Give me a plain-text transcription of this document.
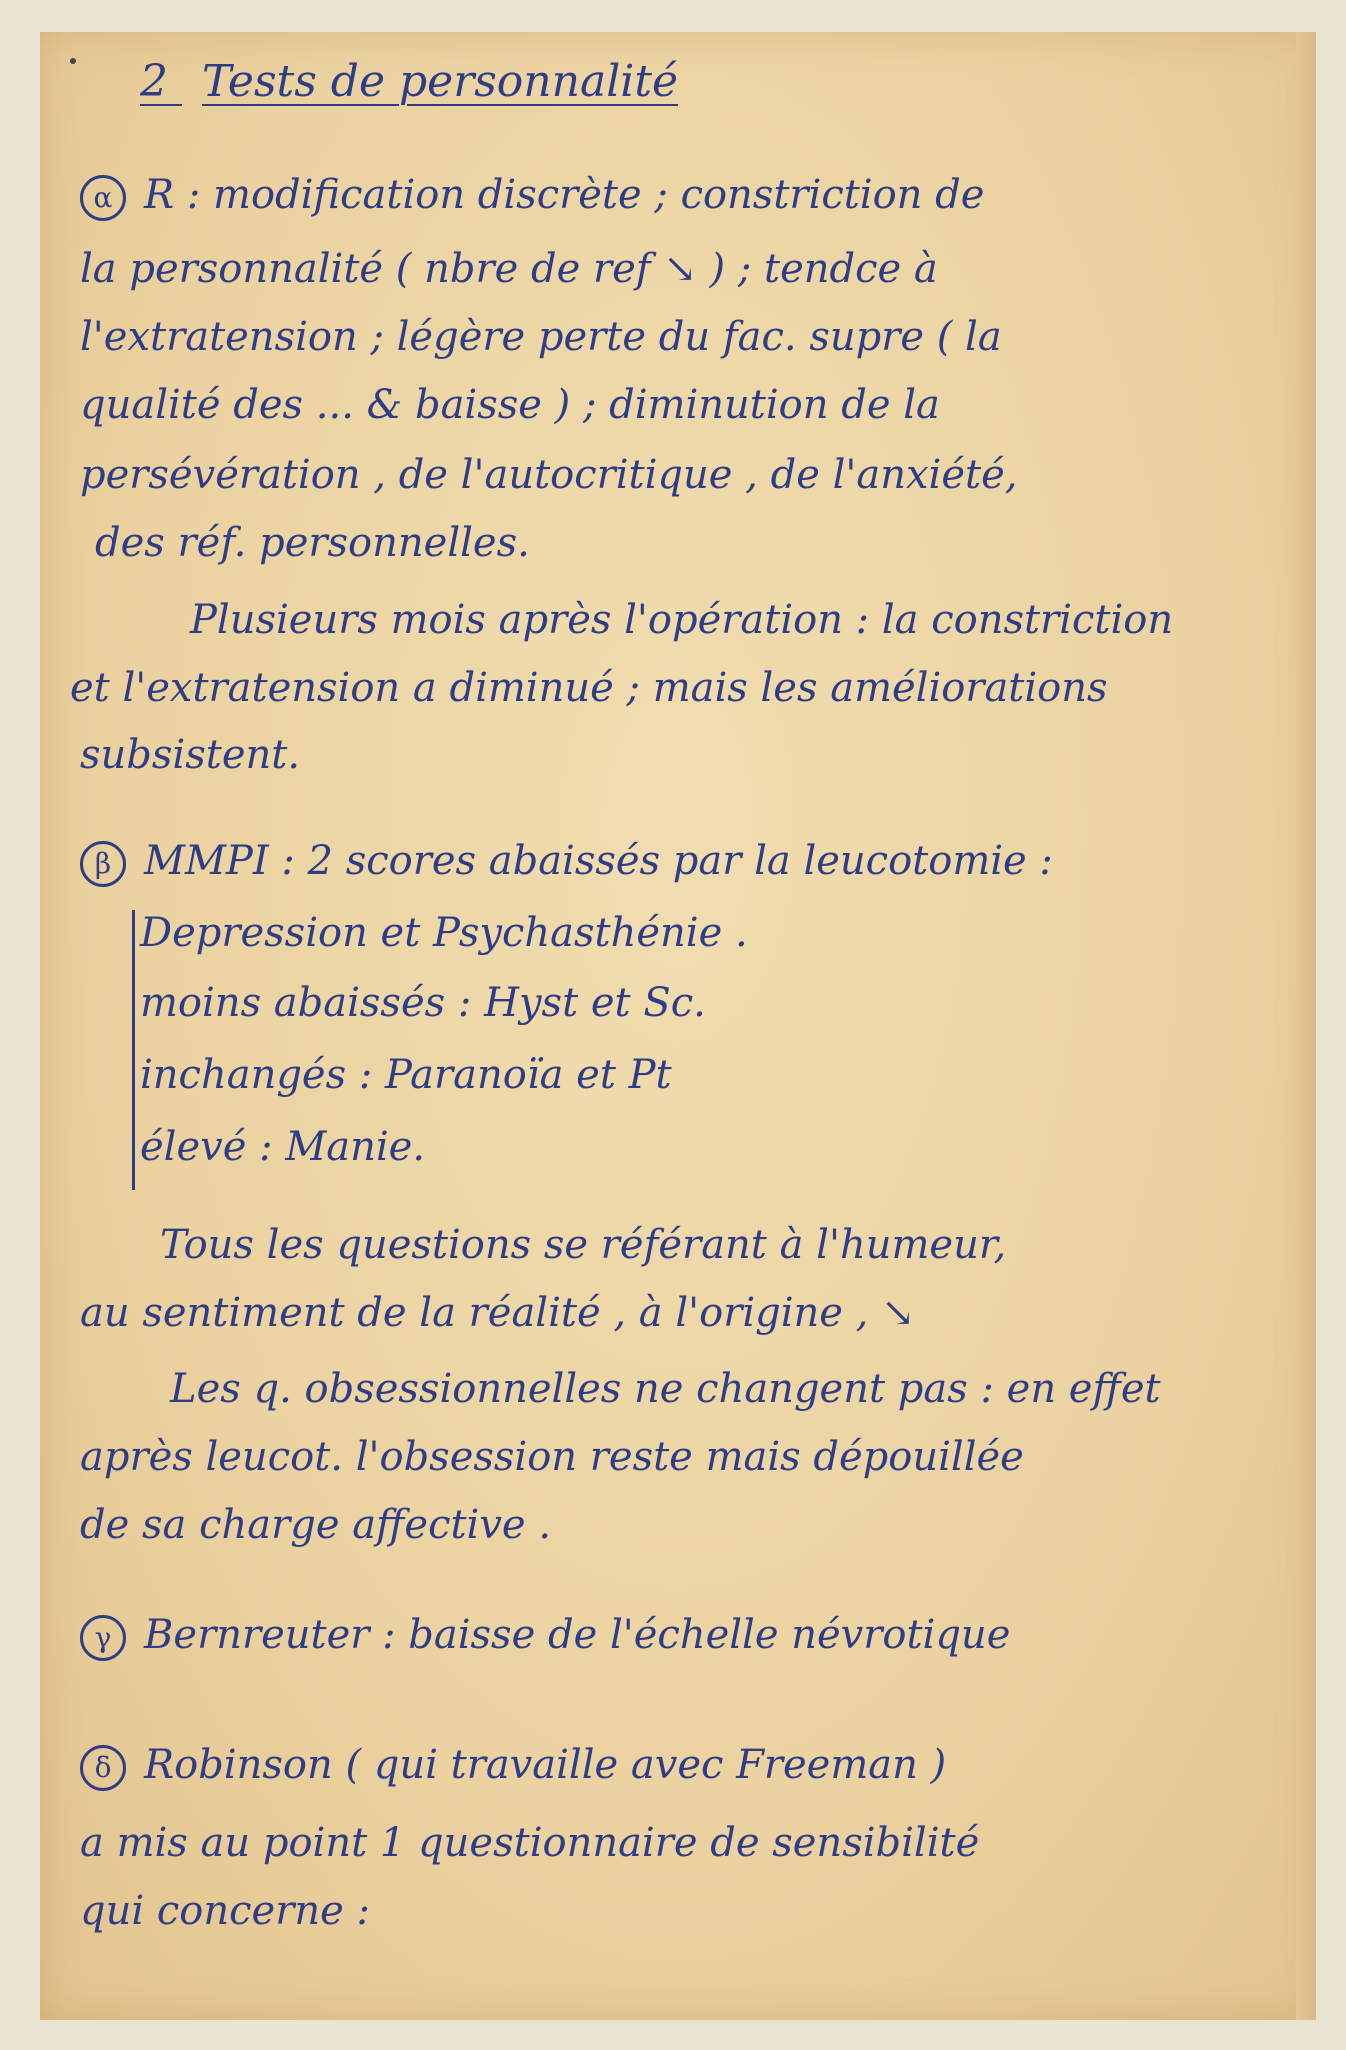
2 Tests de personnalité

α R : modification discrète ; constriction de

la personnalité ( nbre de ref ↘ ) ; tendce à

l'extratension ; légère perte du fac. supre ( la

qualité des ... & baisse ) ; diminution de la

persévération , de l'autocritique , de l'anxiété,

des réf. personnelles.

Plusieurs mois après l'opération : la constriction

et l'extratension a diminué ; mais les améliorations

subsistent.

β MMPI : 2 scores abaissés par la leucotomie :

Depression et Psychasthénie .

moins abaissés : Hyst et Sc.

inchangés : Paranoïa et Pt

élevé : Manie.

Tous les questions se référant à l'humeur,

au sentiment de la réalité , à l'origine , ↘

Les q. obsessionnelles ne changent pas : en effet

après leucot. l'obsession reste mais dépouillée

de sa charge affective .

γ Bernreuter : baisse de l'échelle névrotique

δ Robinson ( qui travaille avec Freeman )

a mis au point 1 questionnaire de sensibilité

qui concerne :
